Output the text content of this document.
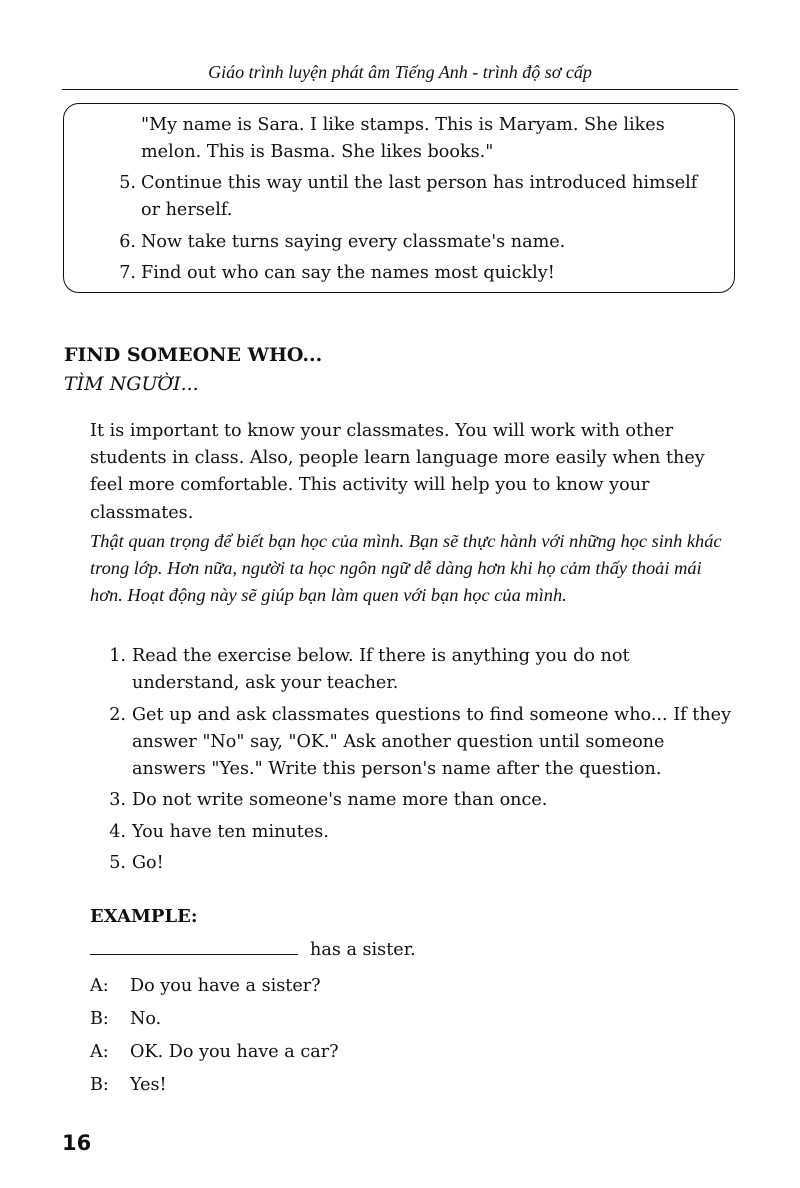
Giáo trình luyện phát âm Tiếng Anh - trình độ sơ cấp
"My name is Sara. I like stamps. This is Maryam. She likes melon. This is Basma. She likes books."
5. Continue this way until the last person has introduced himself or herself.
6. Now take turns saying every classmate's name.
7. Find out who can say the names most quickly!
FIND SOMEONE WHO...
TÌM NGƯỜI...
It is important to know your classmates. You will work with other students in class. Also, people learn language more easily when they feel more comfortable. This activity will help you to know your classmates.
Thật quan trọng để biết bạn học của mình. Bạn sẽ thực hành với những học sinh khác trong lớp. Hơn nữa, người ta học ngôn ngữ dễ dàng hơn khi họ cảm thấy thoải mái hơn. Hoạt động này sẽ giúp bạn làm quen với bạn học của mình.
1. Read the exercise below. If there is anything you do not understand, ask your teacher.
2. Get up and ask classmates questions to find someone who... If they answer "No" say, "OK." Ask another question until someone answers "Yes." Write this person's name after the question.
3. Do not write someone's name more than once.
4. You have ten minutes.
5. Go!
EXAMPLE:
has a sister.
A: Do you have a sister?
B: No.
A: OK. Do you have a car?
B: Yes!
16
